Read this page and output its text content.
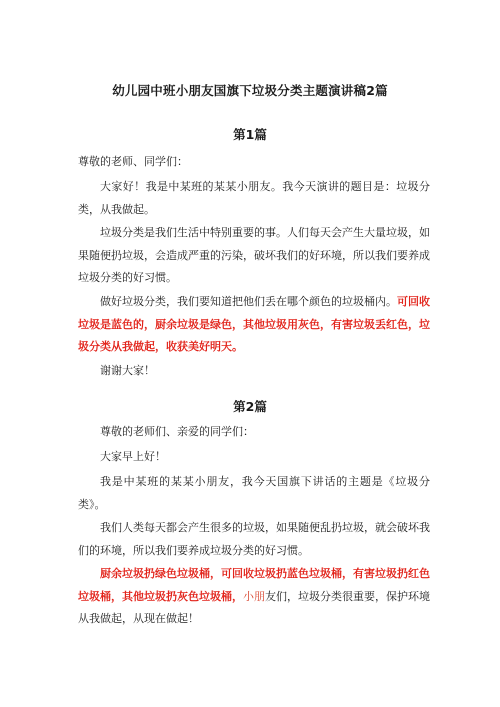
幼儿园中班小朋友国旗下垃圾分类主题演讲稿2篇
第1篇

尊敬的老师、同学们：

大家好！我是中某班的某某小朋友。我今天演讲的题目是：垃圾分类，从我做起。

垃圾分类是我们生活中特别重要的事。人们每天会产生大量垃圾，如果随便扔垃圾，会造成严重的污染，破坏我们的好环境，所以我们要养成垃圾分类的好习惯。

做好垃圾分类，我们要知道把他们丢在哪个颜色的垃圾桶内。可回收垃圾是蓝色的，厨余垃圾是绿色，其他垃圾用灰色，有害垃圾丢红色，垃圾分类从我做起，收获美好明天。

谢谢大家！

第2篇

尊敬的老师们、亲爱的同学们：

大家早上好！

我是中某班的某某小朋友，我今天国旗下讲话的主题是《垃圾分类》。

我们人类每天都会产生很多的垃圾，如果随便乱扔垃圾，就会破坏我们的环境，所以我们要养成垃圾分类的好习惯。

厨余垃圾扔绿色垃圾桶，可回收垃圾扔蓝色垃圾桶，有害垃圾扔红色垃圾桶，其他垃圾扔灰色垃圾桶，小朋友们，垃圾分类很重要，保护环境从我做起，从现在做起！
